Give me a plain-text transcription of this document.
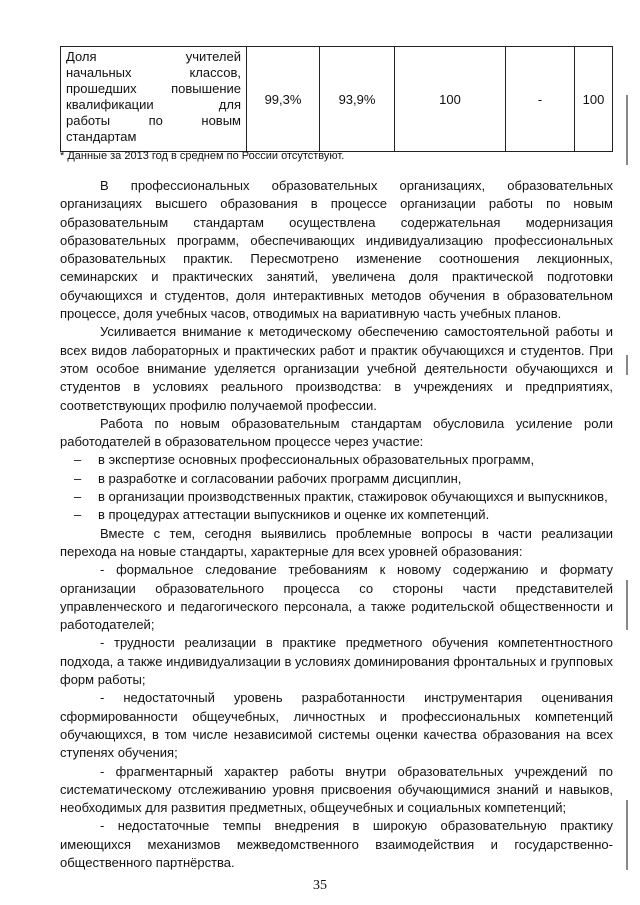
Доля учителей
начальных классов,
прошедших повышение
квалификации для
работы по новым
стандартам
	99,3%	93,9%	100	-	100
* Данные за 2013 год в среднем по России отсутствуют.

В профессиональных образовательных организациях, образовательных организациях высшего образования в процессе организации работы по новым образовательным стандартам осуществлена содержательная модернизация образовательных программ, обеспечивающих индивидуализацию профессиональных образовательных практик. Пересмотрено изменение соотношения лекционных, семинарских и практических занятий, увеличена доля практической подготовки обучающихся и студентов, доля интерактивных методов обучения в образовательном процессе, доля учебных часов, отводимых на вариативную часть учебных планов.

Усиливается внимание к методическому обеспечению самостоятельной работы и всех видов лабораторных и практических работ и практик обучающихся и студентов. При этом особое внимание уделяется организации учебной деятельности обучающихся и студентов в условиях реального производства: в учреждениях и предприятиях, соответствующих профилю получаемой профессии.

Работа по новым образовательным стандартам обусловила усиление роли работодателей в образовательном процессе через участие:

– в экспертизе основных профессиональных образовательных программ,
– в разработке и согласовании рабочих программ дисциплин,
– в организации производственных практик, стажировок обучающихся и выпускников,
– в процедурах аттестации выпускников и оценке их компетенций.

Вместе с тем, сегодня выявились проблемные вопросы в части реализации перехода на новые стандарты, характерные для всех уровней образования:

- формальное следование требованиям к новому содержанию и формату организации образовательного процесса со стороны части представителей управленческого и педагогического персонала, а также родительской общественности и работодателей;

- трудности реализации в практике предметного обучения компетентностного подхода, а также индивидуализации в условиях доминирования фронтальных и групповых форм работы;

- недостаточный уровень разработанности инструментария оценивания сформированности общеучебных, личностных и профессиональных компетенций обучающихся, в том числе независимой системы оценки качества образования на всех ступенях обучения;

- фрагментарный характер работы внутри образовательных учреждений по систематическому отслеживанию уровня присвоения обучающимися знаний и навыков, необходимых для развития предметных, общеучебных и социальных компетенций;

- недостаточные темпы внедрения в широкую образовательную практику имеющихся механизмов межведомственного взаимодействия и государственно-общественного партнёрства.

35
